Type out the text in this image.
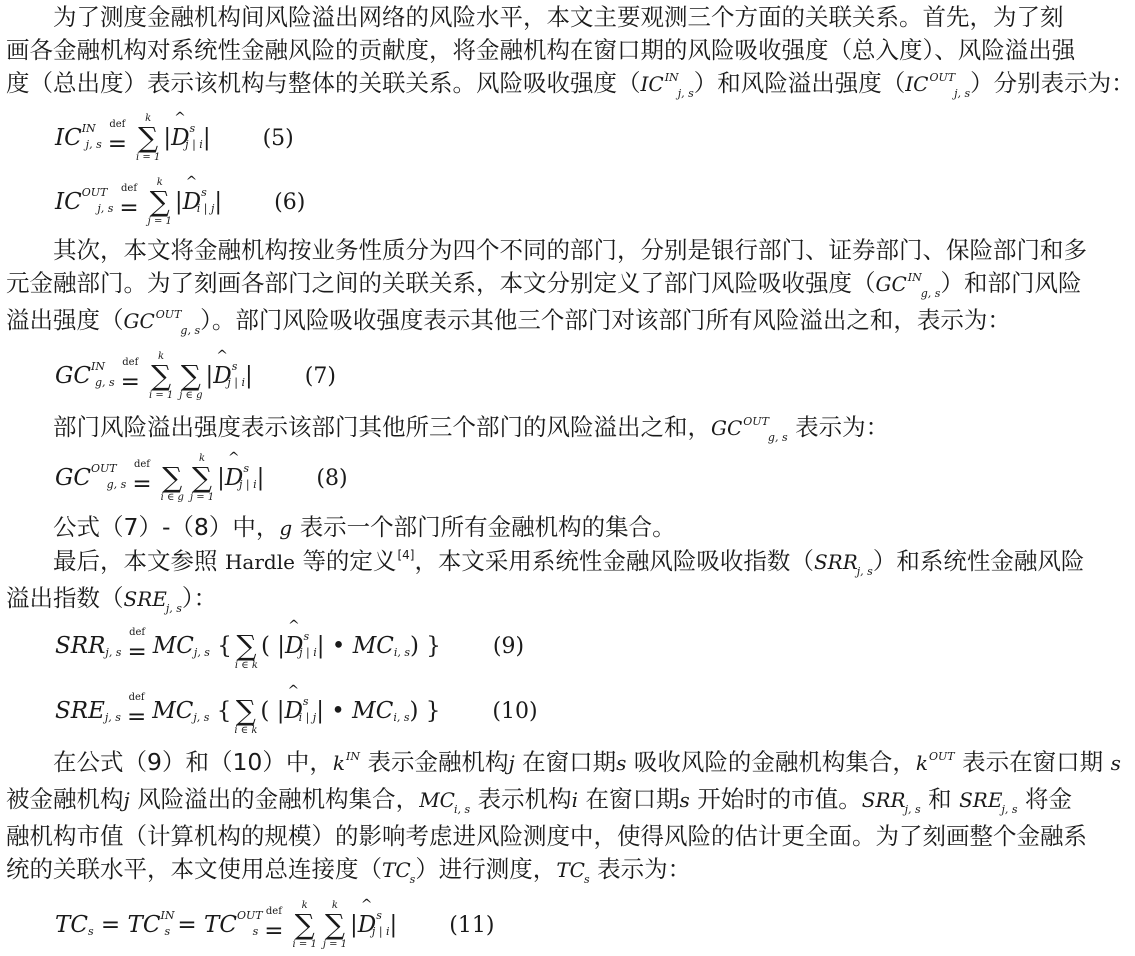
为了测度金融机构间风险溢出网络的风险水平，本文主要观测三个方面的关联关系。首先，为了刻
画各金融机构对系统性金融风险的贡献度，将金融机构在窗口期的风险吸收强度（总入度）、风险溢出强
度（总出度）表示该机构与整体的关联关系。风险吸收强度$(IC^{IN}_{j, s})$和风险溢出强度$(IC^{OUT}_{j, s})$分别表示为：
IC IN
j, s
def
=
k
∑
i = 1
| ^ D s
j | i | (5)
IC OUT
j, s
def
=
k
∑
j = 1
| ^ D s
i | j | (6)
其次，本文将金融机构按业务性质分为四个不同的部门，分别是银行部门、证券部门、保险部门和多
元金融部门。为了刻画各部门之间的关联关系，本文分别定义了部门风险吸收强度$(GC^{IN}_{g, s})$和部门风险
溢出强度$(GC^{OUT}_{g, s})$。部门风险吸收强度表示其他三个部门对该部门所有风险溢出之和，表示为：
GC IN
g, s
def
=
k
∑
i = 1

∑
j ∈ g
| ^ D s
j | i | (7)
部门风险溢出强度表示该部门其他所三个部门的风险溢出之和，$GC^{OUT}_{g, s}$ 表示为：
GC OUT
g, s
def
=
∑
i ∈ g
k
∑
j = 1
| ^ D s
j | i | (8)
公式（7）-（8）中，g 表示一个部门所有金融机构的集合。
最后，本文参照 Hardle 等的定义[4]，本文采用系统性金融风险吸收指数$(SRR_{j, s})$和系统性金融风险
溢出指数$(SRE_{j, s})$：
SRR j, s
def
= MC j, s {
∑
i ∈ k
( | ^ D s
j | i | • MC i, s ) } (9)
SRE j, s
def
= MC j, s {
∑
i ∈ k
( | ^ D s
i | j | • MC i, s ) } (10)
在公式（9）和（10）中，$k^{IN}$ 表示金融机构j 在窗口期s 吸收风险的金融机构集合，$k^{OUT}$ 表示在窗口期 s
被金融机构j 风险溢出的金融机构集合，$MC_{i, s}$ 表示机构i 在窗口期s 开始时的市值。$SRR_{j, s}$ 和 $SRE_{j, s}$ 将金
融机构市值（计算机构的规模）的影响考虑进风险测度中，使得风险的估计更全面。为了刻画整个金融系
统的关联水平，本文使用总连接度$(TC_s)$进行测度，$TC_s$ 表示为：
TC s = TC IN
s = TC OUT
s
def
=
k
∑
i = 1
k
∑
j = 1
| ^ D s
j | i | (11)
